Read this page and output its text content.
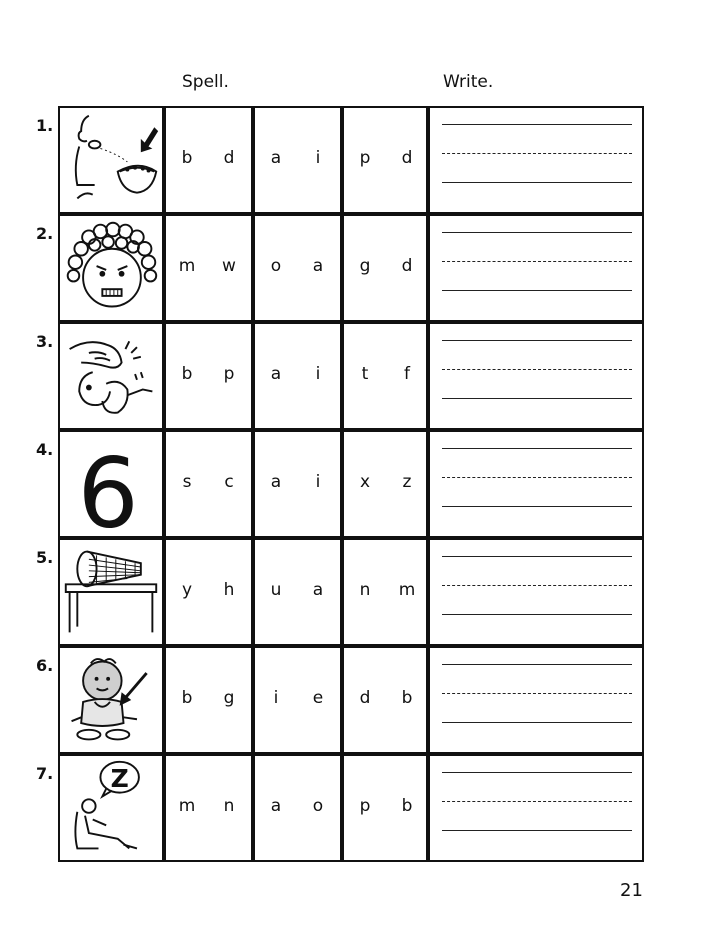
Spell.	Write.
1.
b	d	a	i	p	d
2.
m	w	o	a	g	d
3.
b	p	a	i	t	f
4. 6	s	c	a	i	x	z
5.
y	h	u	a	n	m
6.
b	g	i	e	d	b
7. Z
m	n	a	o	p	b
21
